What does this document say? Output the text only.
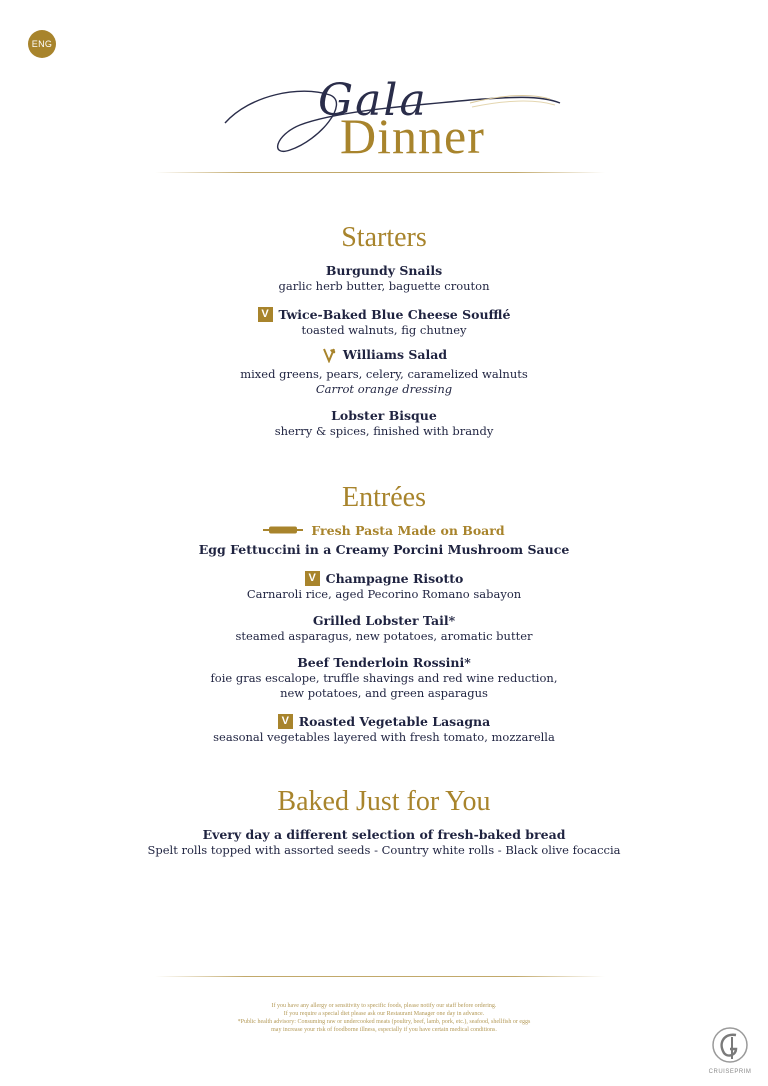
ENG
Gala
Dinner
Starters
Burgundy Snails
garlic herb butter, baguette crouton
V Twice-Baked Blue Cheese Soufflé
toasted walnuts, fig chutney
Williams Salad
mixed greens, pears, celery, caramelized walnuts
Carrot orange dressing
Lobster Bisque
sherry & spices, finished with brandy
Entrées
Fresh Pasta Made on Board
Egg Fettuccini in a Creamy Porcini Mushroom Sauce
V Champagne Risotto
Carnaroli rice, aged Pecorino Romano sabayon
Grilled Lobster Tail*
steamed asparagus, new potatoes, aromatic butter
Beef Tenderloin Rossini*
foie gras escalope, truffle shavings and red wine reduction,
new potatoes, and green asparagus
V Roasted Vegetable Lasagna
seasonal vegetables layered with fresh tomato, mozzarella
Baked Just for You
Every day a different selection of fresh-baked bread
Spelt rolls topped with assorted seeds - Country white rolls - Black olive focaccia
If you have any allergy or sensitivity to specific foods, please notify our staff before ordering.
If you require a special diet please ask our Restaurant Manager one day in advance.
*Public health advisory: Consuming raw or undercooked meats (poultry, beef, lamb, pork, etc.), seafood, shellfish or eggs
may increase your risk of foodborne illness, especially if you have certain medical conditions.
CRUISEPRIM
